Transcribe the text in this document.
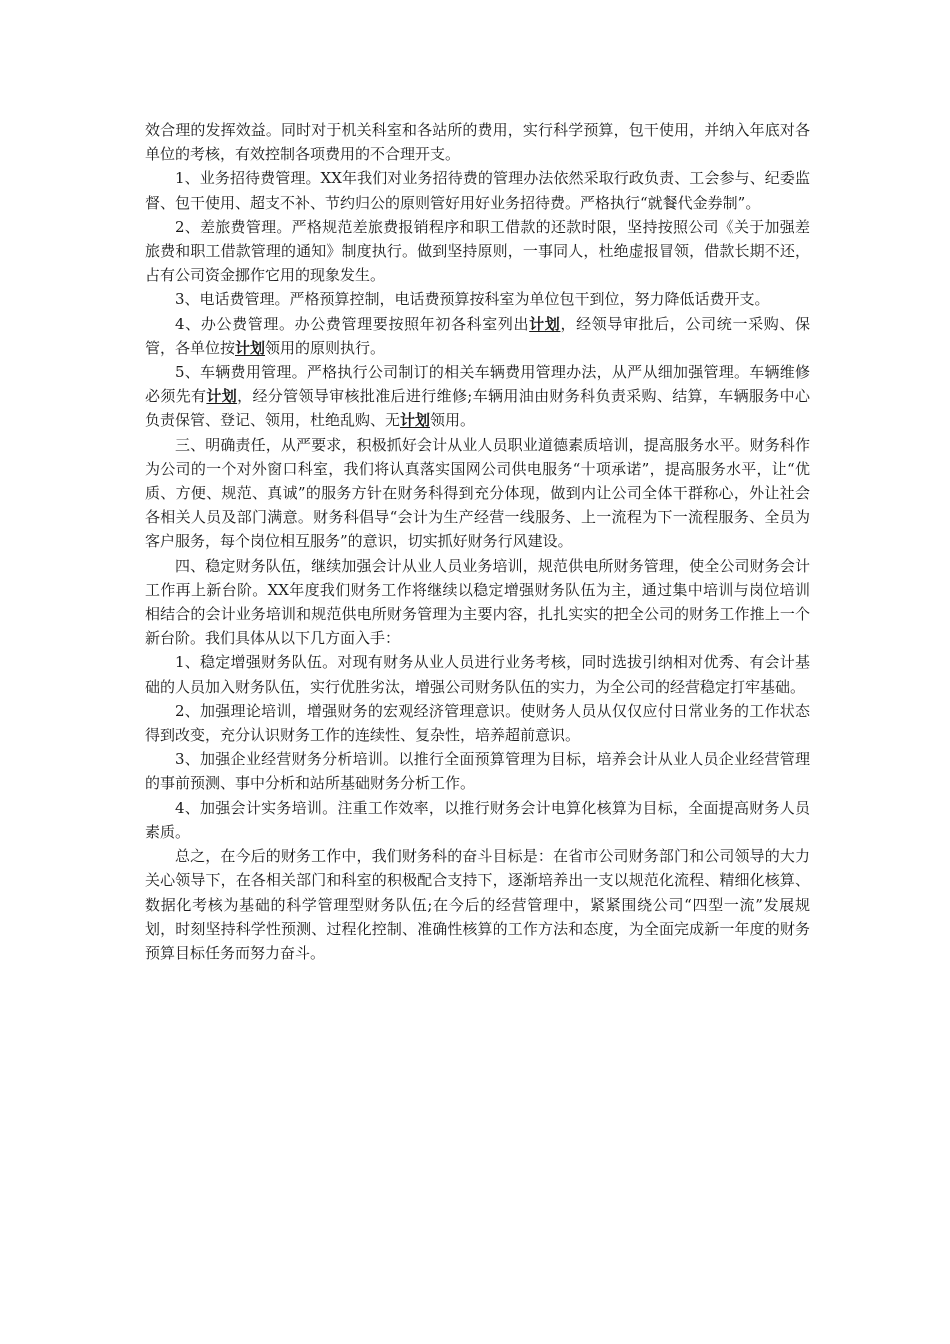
效合理的发挥效益。同时对于机关科室和各站所的费用，实行科学预算，包干使用，并纳入年底对各单位的考核，有效控制各项费用的不合理开支。

1、业务招待费管理。XX年我们对业务招待费的管理办法依然采取行政负责、工会参与、纪委监督、包干使用、超支不补、节约归公的原则管好用好业务招待费。严格执行“就餐代金券制”。

2、差旅费管理。严格规范差旅费报销程序和职工借款的还款时限，坚持按照公司《关于加强差旅费和职工借款管理的通知》制度执行。做到坚持原则，一事同人，杜绝虚报冒领，借款长期不还，占有公司资金挪作它用的现象发生。

3、电话费管理。严格预算控制，电话费预算按科室为单位包干到位，努力降低话费开支。

4、办公费管理。办公费管理要按照年初各科室列出计划，经领导审批后，公司统一采购、保管，各单位按计划领用的原则执行。

5、车辆费用管理。严格执行公司制订的相关车辆费用管理办法，从严从细加强管理。车辆维修必须先有计划，经分管领导审核批准后进行维修;车辆用油由财务科负责采购、结算，车辆服务中心负责保管、登记、领用，杜绝乱购、无计划领用。

三、明确责任，从严要求，积极抓好会计从业人员职业道德素质培训，提高服务水平。财务科作为公司的一个对外窗口科室，我们将认真落实国网公司供电服务“十项承诺”，提高服务水平，让“优质、方便、规范、真诚”的服务方针在财务科得到充分体现，做到内让公司全体干群称心，外让社会各相关人员及部门满意。财务科倡导“会计为生产经营一线服务、上一流程为下一流程服务、全员为客户服务，每个岗位相互服务”的意识，切实抓好财务行风建设。

四、稳定财务队伍，继续加强会计从业人员业务培训，规范供电所财务管理，使全公司财务会计工作再上新台阶。XX年度我们财务工作将继续以稳定增强财务队伍为主，通过集中培训与岗位培训相结合的会计业务培训和规范供电所财务管理为主要内容，扎扎实实的把全公司的财务工作推上一个新台阶。我们具体从以下几方面入手：

1、稳定增强财务队伍。对现有财务从业人员进行业务考核，同时选拔引纳相对优秀、有会计基础的人员加入财务队伍，实行优胜劣汰，增强公司财务队伍的实力，为全公司的经营稳定打牢基础。

2、加强理论培训，增强财务的宏观经济管理意识。使财务人员从仅仅应付日常业务的工作状态得到改变，充分认识财务工作的连续性、复杂性，培养超前意识。

3、加强企业经营财务分析培训。以推行全面预算管理为目标，培养会计从业人员企业经营管理的事前预测、事中分析和站所基础财务分析工作。

4、加强会计实务培训。注重工作效率，以推行财务会计电算化核算为目标，全面提高财务人员素质。

总之，在今后的财务工作中，我们财务科的奋斗目标是：在省市公司财务部门和公司领导的大力关心领导下，在各相关部门和科室的积极配合支持下，逐渐培养出一支以规范化流程、精细化核算、数据化考核为基础的科学管理型财务队伍;在今后的经营管理中，紧紧围绕公司“四型一流”发展规划，时刻坚持科学性预测、过程化控制、准确性核算的工作方法和态度，为全面完成新一年度的财务预算目标任务而努力奋斗。
